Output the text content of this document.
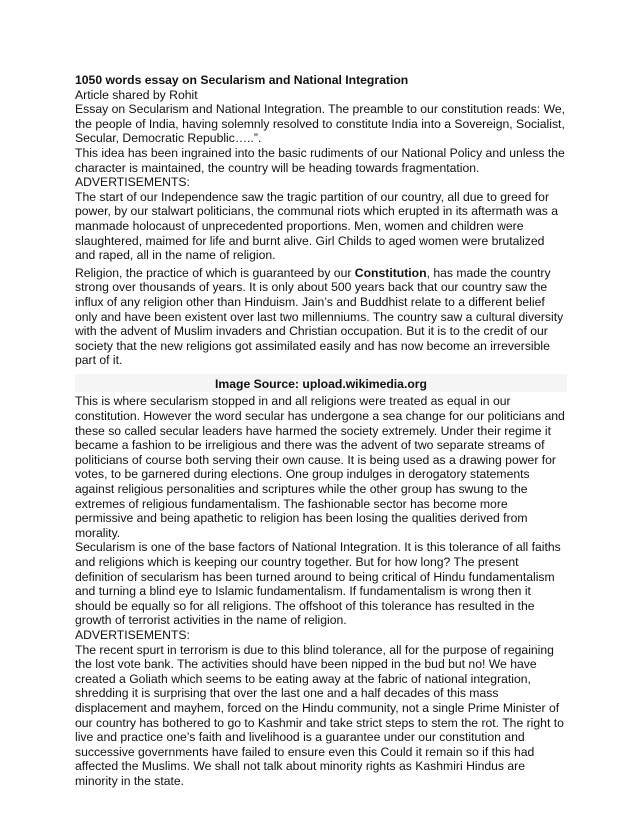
1050 words essay on Secularism and National Integration

Article shared by Rohit

Essay on Secularism and National Integration. The preamble to our constitution reads: We, the people of India, having solemnly resolved to constitute India into a Sovereign, Socialist, Secular, Democratic Republic…..”.

This idea has been ingrained into the basic rudiments of our National Policy and unless the character is maintained, the country will be heading towards fragmentation.

ADVERTISEMENTS:

The start of our Independence saw the tragic partition of our country, all due to greed for power, by our stalwart politicians, the communal riots which erupted in its aftermath was a manmade holocaust of unprecedented proportions. Men, women and children were slaughtered, maimed for life and burnt alive. Girl Childs to aged women were brutalized and raped, all in the name of religion.

Religion, the practice of which is guaranteed by our Constitution, has made the country strong over thousands of years. It is only about 500 years back that our country saw the influx of any religion other than Hinduism. Jain’s and Buddhist relate to a different belief only and have been existent over last two millenniums. The country saw a cultural diversity with the advent of Muslim invaders and Christian occupation. But it is to the credit of our society that the new religions got assimilated easily and has now become an irreversible part of it.

Image Source: upload.wikimedia.org

This is where secularism stopped in and all religions were treated as equal in our constitution. However the word secular has undergone a sea change for our politicians and these so called secular leaders have harmed the society extremely. Under their regime it became a fashion to be irreligious and there was the advent of two separate streams of politicians of course both serving their own cause. It is being used as a drawing power for votes, to be garnered during elections. One group indulges in derogatory statements against religious personalities and scriptures while the other group has swung to the extremes of religious fundamentalism. The fashionable sector has become more permissive and being apathetic to religion has been losing the qualities derived from morality.

Secularism is one of the base factors of National Integration. It is this tolerance of all faiths and religions which is keeping our country together. But for how long? The present definition of secularism has been turned around to being critical of Hindu fundamentalism and turning a blind eye to Islamic fundamentalism. If fundamentalism is wrong then it should be equally so for all religions. The offshoot of this tolerance has resulted in the growth of terrorist activities in the name of religion.

ADVERTISEMENTS:

The recent spurt in terrorism is due to this blind tolerance, all for the purpose of regaining the lost vote bank. The activities should have been nipped in the bud but no! We have created a Goliath which seems to be eating away at the fabric of national integration, shredding it is surprising that over the last one and a half decades of this mass displacement and mayhem, forced on the Hindu community, not a single Prime Minister of our country has bothered to go to Kashmir and take strict steps to stem the rot. The right to live and practice one’s faith and livelihood is a guarantee under our constitution and successive governments have failed to ensure even this Could it remain so if this had affected the Muslims. We shall not talk about minority rights as Kashmiri Hindus are minority in the state.
